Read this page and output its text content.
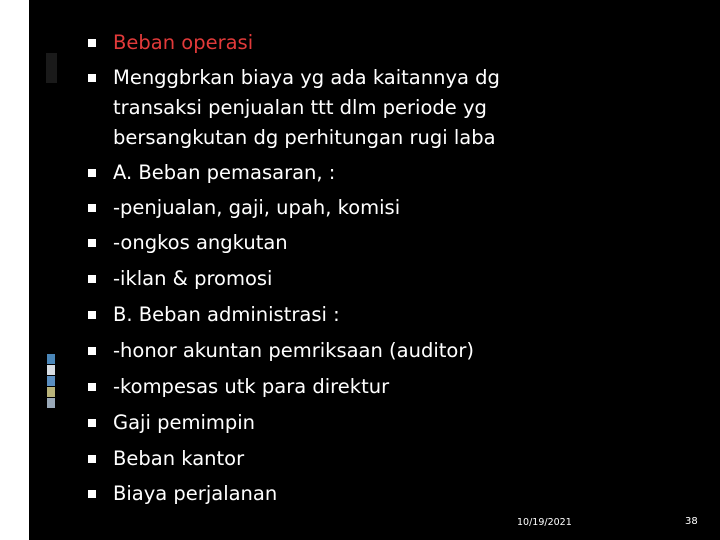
Beban operasi
Menggbrkan biaya yg ada kaitannya dg transaksi penjualan ttt dlm periode yg bersangkutan dg perhitungan rugi laba
A. Beban pemasaran, :
-penjualan, gaji, upah, komisi
-ongkos angkutan
-iklan & promosi
B. Beban administrasi :
-honor akuntan pemriksaan (auditor)
-kompesas utk para direktur
Gaji pemimpin
Beban kantor
Biaya perjalanan
10/19/2021	38
